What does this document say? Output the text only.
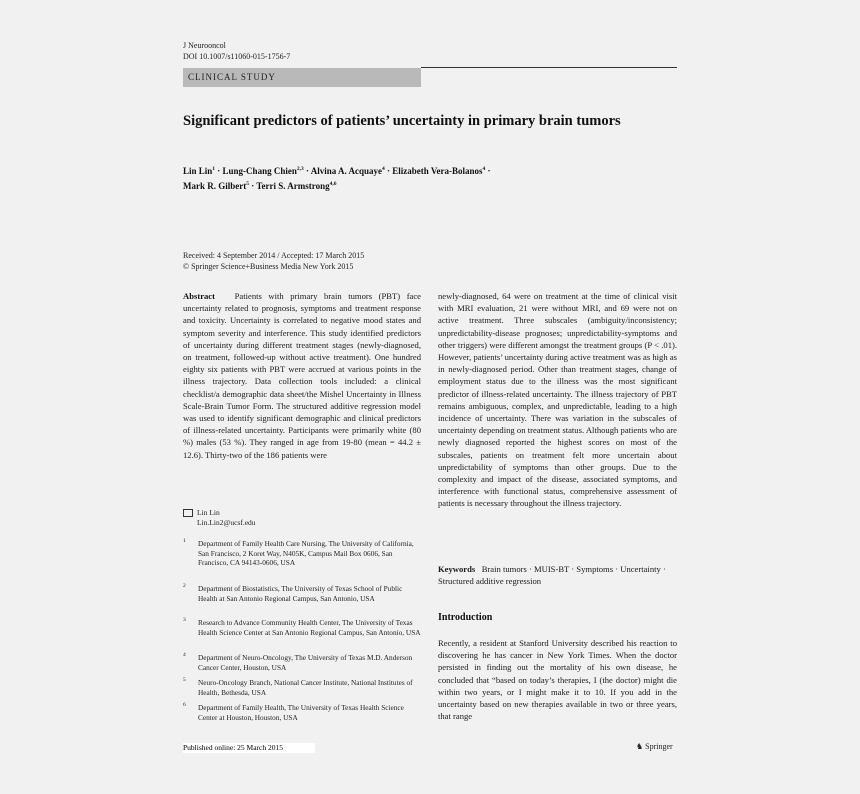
J Neurooncol
DOI 10.1007/s11060-015-1756-7
CLINICAL STUDY
Significant predictors of patients’ uncertainty in primary brain tumors
Lin Lin$^1$ · Lung-Chang Chien$^{2,3}$ · Alvina A. Acquaye$^4$ · Elizabeth Vera-Bolanos$^4$ ·
Mark R. Gilbert$^5$ · Terri S. Armstrong$^{4,6}$
Received: 4 September 2014 / Accepted: 17 March 2015
© Springer Science+Business Media New York 2015
Abstract Patients with primary brain tumors (PBT) face uncertainty related to prognosis, symptoms and treatment response and toxicity. Uncertainty is correlated to negative mood states and symptom severity and interference. This study identified predictors of uncertainty during different treatment stages (newly-diagnosed, on treatment, followed-up without active treatment). One hundred eighty six patients with PBT were accrued at various points in the illness trajectory. Data collection tools included: a clinical checklist/a demographic data sheet/the Mishel Uncertainty in Illness Scale-Brain Tumor Form. The structured additive regression model was used to identify significant demographic and clinical predictors of illness-related uncertainty. Participants were primarily white (80 %) males (53 %). They ranged in age from 19-80 (mean = 44.2 ± 12.6). Thirty-two of the 186 patients were
newly-diagnosed, 64 were on treatment at the time of clinical visit with MRI evaluation, 21 were without MRI, and 69 were not on active treatment. Three subscales (ambiguity/inconsistency; unpredictability-disease prognoses; unpredictability-symptoms and other triggers) were different amongst the treatment groups (P < .01). However, patients’ uncertainty during active treatment was as high as in newly-diagnosed period. Other than treatment stages, change of employment status due to the illness was the most significant predictor of illness-related uncertainty. The illness trajectory of PBT remains ambiguous, complex, and unpredictable, leading to a high incidence of uncertainty. There was variation in the subscales of uncertainty depending on treatment status. Although patients who are newly diagnosed reported the highest scores on most of the subscales, patients on treatment felt more uncertain about unpredictability of symptoms than other groups. Due to the complexity and impact of the disease, associated symptoms, and interference with functional status, comprehensive assessment of patients is necessary throughout the illness trajectory.
Keywords Brain tumors · MUIS-BT · Symptoms · Uncertainty · Structured additive regression
Lin Lin
Lin.Lin2@ucsf.edu
1 Department of Family Health Care Nursing, The University of California, San Francisco, 2 Koret Way, N405K, Campus Mail Box 0606, San Francisco, CA 94143-0606, USA
2 Department of Biostatistics, The University of Texas School of Public Health at San Antonio Regional Campus, San Antonio, USA
3 Research to Advance Community Health Center, The University of Texas Health Science Center at San Antonio Regional Campus, San Antonio, USA
4 Department of Neuro-Oncology, The University of Texas M.D. Anderson Cancer Center, Houston, USA
5 Neuro-Oncology Branch, National Cancer Institute, National Institutes of Health, Bethesda, USA
6 Department of Family Health, The University of Texas Health Science Center at Houston, Houston, USA
Introduction
Recently, a resident at Stanford University described his reaction to discovering he has cancer in New York Times. When the doctor persisted in finding out the mortality of his own disease, he concluded that “based on today’s therapies, I (the doctor) might die within two years, or I might make it to 10. If you add in the uncertainty based on new therapies available in two or three years, that range
Published online: 25 March 2015	♞ Springer
